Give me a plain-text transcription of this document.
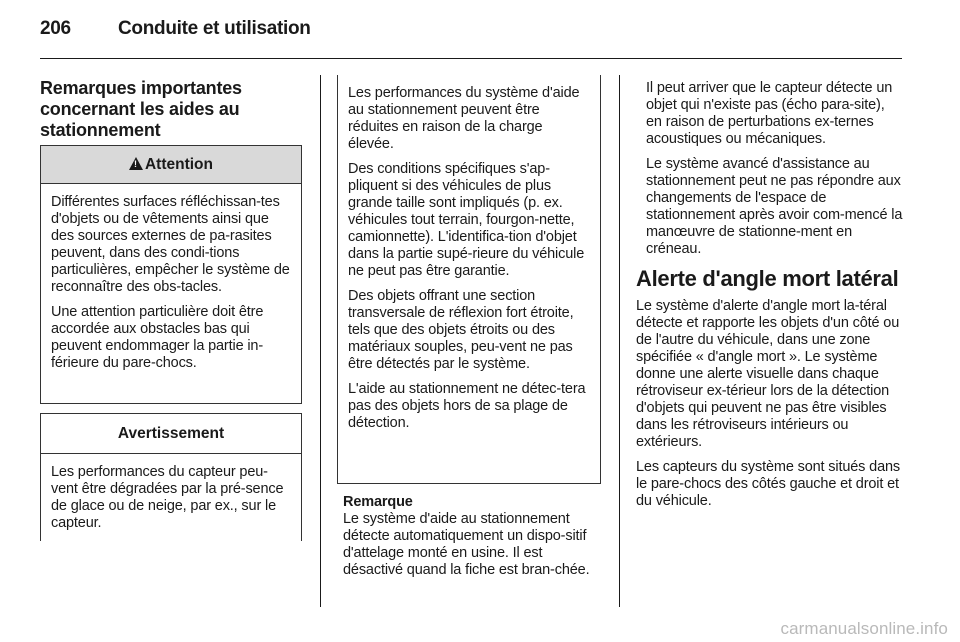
206 Conduite et utilisation
Remarques importantes concernant les aides au stationnement
!
Attention

Différentes surfaces réfléchissan-tes d'objets ou de vêtements ainsi que des sources externes de pa-rasites peuvent, dans des condi-tions particulières, empêcher le système de reconnaître des obs-tacles.

Une attention particulière doit être accordée aux obstacles bas qui peuvent endommager la partie in-férieure du pare-chocs.

Avertissement

Les performances du capteur peu-vent être dégradées par la pré-sence de glace ou de neige, par ex., sur le capteur.

Les performances du système d'aide au stationnement peuvent être réduites en raison de la charge élevée.

Des conditions spécifiques s'ap-pliquent si des véhicules de plus grande taille sont impliqués (p. ex. véhicules tout terrain, fourgon-nette, camionnette). L'identifica-tion d'objet dans la partie supé-rieure du véhicule ne peut pas être garantie.

Des objets offrant une section transversale de réflexion fort étroite, tels que des objets étroits ou des matériaux souples, peu-vent ne pas être détectés par le système.

L'aide au stationnement ne détec-tera pas des objets hors de sa plage de détection.

Remarque
Le système d'aide au stationnement détecte automatiquement un dispo-sitif d'attelage monté en usine. Il est désactivé quand la fiche est bran-chée.

Il peut arriver que le capteur détecte un objet qui n'existe pas (écho para-site), en raison de perturbations ex-ternes acoustiques ou mécaniques.

Le système avancé d'assistance au stationnement peut ne pas répondre aux changements de l'espace de stationnement après avoir com-mencé la manœuvre de stationne-ment en créneau.

Alerte d'angle mort latéral

Le système d'alerte d'angle mort la-téral détecte et rapporte les objets d'un côté ou de l'autre du véhicule, dans une zone spécifiée « d'angle mort ». Le système donne une alerte visuelle dans chaque rétroviseur ex-térieur lors de la détection d'objets qui peuvent ne pas être visibles dans les rétroviseurs intérieurs ou extérieurs.

Les capteurs du système sont situés dans le pare-chocs des côtés gauche et droit et du véhicule.

carmanualsonline.info
